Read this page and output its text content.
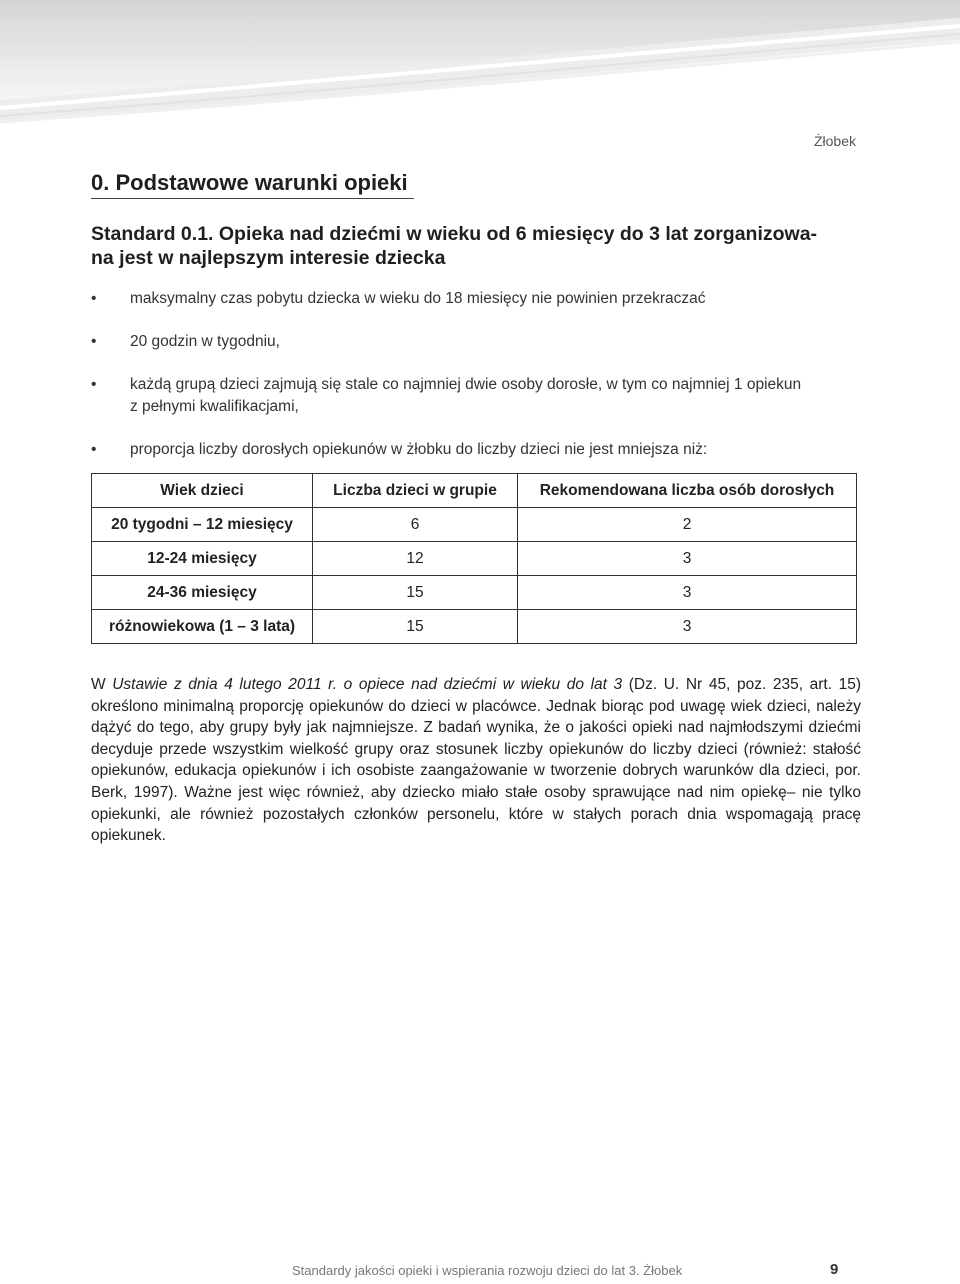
Żłobek
0. Podstawowe warunki opieki
Standard 0.1. Opieka nad dziećmi w wieku od 6 miesięcy do 3 lat zorganizowa-
na jest w najlepszym interesie dziecka
• maksymalny czas pobytu dziecka w wieku do 18 miesięcy nie powinien przekraczać
• 20 godzin w tygodniu,
• każdą grupą dzieci zajmują się stale co najmniej dwie osoby dorosłe, w tym co najmniej 1 opiekun
z pełnymi kwalifikacjami,
• proporcja liczby dorosłych opiekunów w żłobku do liczby dzieci nie jest mniejsza niż:
Wiek dzieci	Liczba dzieci w grupie	Rekomendowana liczba osób dorosłych
20 tygodni – 12 miesięcy	6	2
12-24 miesięcy	12	3
24-36 miesięcy	15	3
różnowiekowa (1 – 3 lata)	15	3

W Ustawie z dnia 4 lutego 2011 r. o opiece nad dziećmi w wieku do lat 3 (Dz. U. Nr 45, poz. 235, art. 15) określono minimalną proporcję opiekunów do dzieci w placówce. Jednak biorąc pod uwagę wiek dzieci, należy dążyć do tego, aby grupy były jak najmniejsze. Z badań wynika, że o jakości opieki nad najmłodszymi dziećmi decyduje przede wszystkim wielkość grupy oraz stosunek liczby opiekunów do liczby dzieci (również: stałość opiekunów, edukacja opiekunów i ich osobiste zaangażowanie w tworzenie dobrych warunków dla dzieci, por. Berk, 1997). Ważne jest więc również, aby dziecko miało stałe osoby sprawujące nad nim opiekę– nie tylko opiekunki, ale również pozostałych członków personelu, które w stałych porach dnia wspomagają pracę opiekunek.

Standardy jakości opieki i wspierania rozwoju dzieci do lat 3. Żłobek	9
